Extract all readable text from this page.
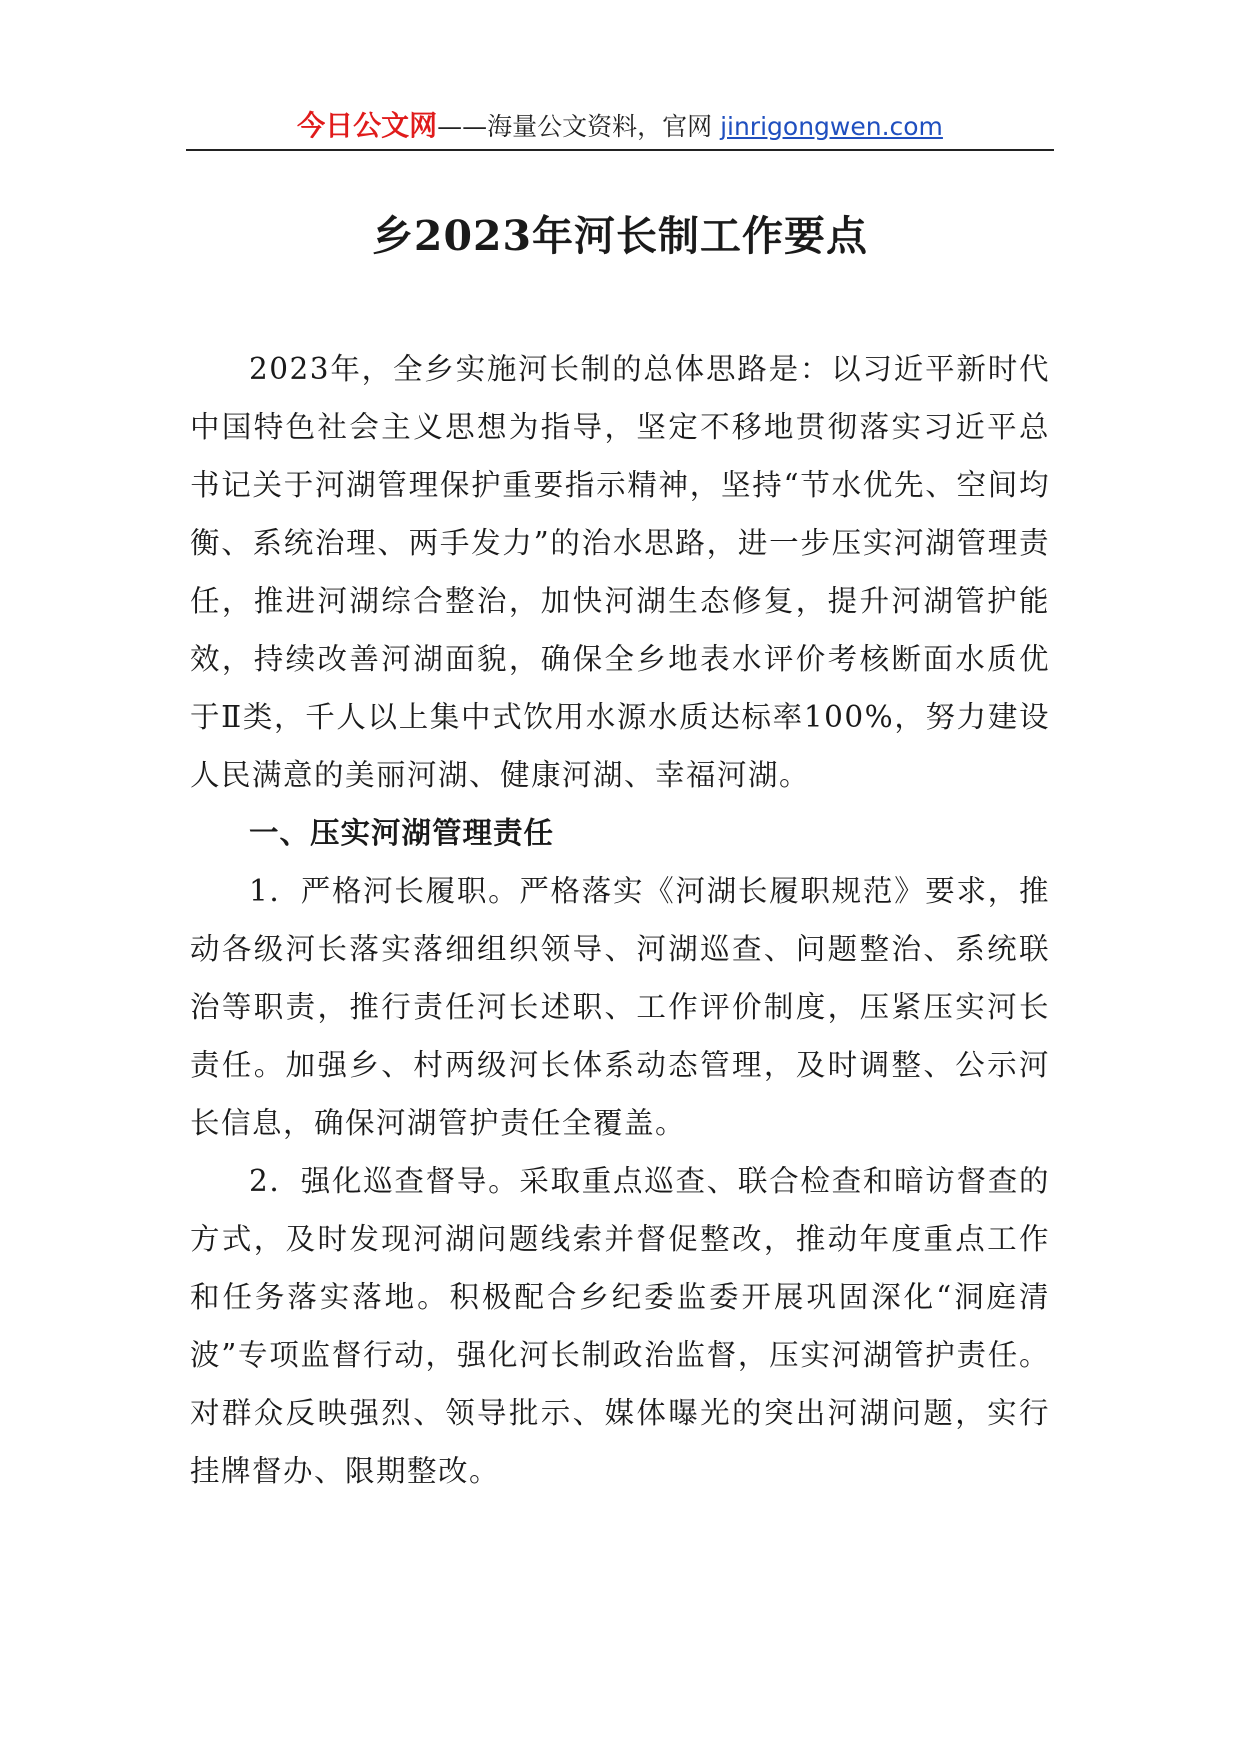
今日公文网——海量公文资料，官网 jinrigongwen.com
乡2023年河长制工作要点

2023年，全乡实施河长制的总体思路是：以习近平新时代中国特色社会主义思想为指导，坚定不移地贯彻落实习近平总书记关于河湖管理保护重要指示精神，坚持“节水优先、空间均衡、系统治理、两手发力”的治水思路，进一步压实河湖管理责任，推进河湖综合整治，加快河湖生态修复，提升河湖管护能效，持续改善河湖面貌，确保全乡地表水评价考核断面水质优于Ⅱ类，千人以上集中式饮用水源水质达标率100%，努力建设人民满意的美丽河湖、健康河湖、幸福河湖。

一、压实河湖管理责任

1．严格河长履职。严格落实《河湖长履职规范》要求，推动各级河长落实落细组织领导、河湖巡查、问题整治、系统联治等职责，推行责任河长述职、工作评价制度，压紧压实河长责任。加强乡、村两级河长体系动态管理，及时调整、公示河长信息，确保河湖管护责任全覆盖。

2．强化巡查督导。采取重点巡查、联合检查和暗访督查的方式，及时发现河湖问题线索并督促整改，推动年度重点工作和任务落实落地。积极配合乡纪委监委开展巩固深化“洞庭清波”专项监督行动，强化河长制政治监督，压实河湖管护责任。对群众反映强烈、领导批示、媒体曝光的突出河湖问题，实行挂牌督办、限期整改。
